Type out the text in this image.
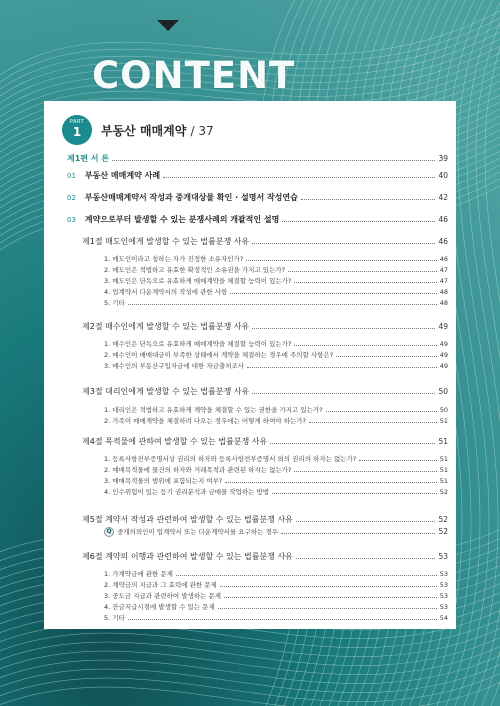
CONTENT
PART
1	부동산 매매계약 / 37
제1편 서 론	39
01 부동산 매매계약 사례	40
02 부동산매매계약서 작성과 중개대상물 확인 · 설명서 작성연습	42
03 계약으로부터 발생할 수 있는 분쟁사례의 개괄적인 설명	46
제1절 매도인에게 발생할 수 있는 법률분쟁 사유	46
1. 매도인이라고 칭하는 자가 진정한 소유자인가?	46
2. 매도인은 적법하고 유효한 확정적인 소유권을 가지고 있는가?	47
3. 매도인은 단독으로 유효하게 매매계약을 체결할 능력이 있는가?	47
4. 업계약서 다운계약서의 작성에 관한 사항	48
5. 기타	48
제2절 매수인에게 발생할 수 있는 법률분쟁 사유	49
1. 매수인은 단독으로 유효하게 매매계약을 체결할 능력이 있는가?	49
2. 매수인이 매매대금이 부족한 상태에서 계약을 체결하는 경우에 주의할 사항은?	49
3. 매수인의 부동산구입자금에 대한 자금출처조사	49
제3절 대리인에게 발생할 수 있는 법률분쟁 사유	50
1. 대리인은 적법하고 유효하게 계약을 체결할 수 있는 권한을 가지고 있는가?	50
2. 가족이 매매계약을 체결하려 나오는 경우에는 어떻게 하여야 하는가?	51
제4절 목적물에 관하여 발생할 수 있는 법률분쟁 사유	51
1. 등록사항전부증명서상 권리의 하자와 등록사항전부증명서 외의 권리의 하자는 없는가?	51
2. 매매목적물에 물건의 하자와 거래목적과 관련된 하자는 없는가?	51
3. 매매목적물의 범위에 포함되는지 여부?	51
4. 인수위험이 있는 등기 권리분석과 금매물 작업하는 방법	52
제5절 계약서 작성과 관련하여 발생할 수 있는 법률분쟁 사유	52
Q 중개의뢰인이 업계약서 또는 다운계약서를 요구하는 경우	52
제6절 계약의 이행과 관련하여 발생할 수 있는 법률분쟁 사유	53
1. 가계약금에 관한 문제	53
2. 계약금의 지급과 그 효력에 관한 문제	53
3. 중도금 지급과 관련하여 발생하는 문제	53
4. 잔금지급시점에 발생할 수 있는 문제	53
5. 기타	54
